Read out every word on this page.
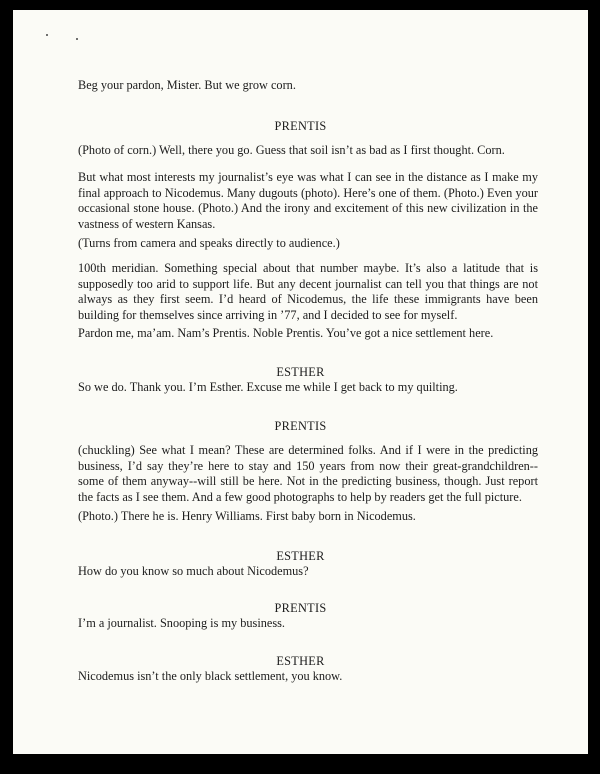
Beg your pardon, Mister. But we grow corn.

PRENTIS

(Photo of corn.) Well, there you go. Guess that soil isn’t as bad as I first thought. Corn.

But what most interests my journalist’s eye was what I can see in the distance as I make my final approach to Nicodemus. Many dugouts (photo). Here’s one of them. (Photo.) Even your occasional stone house. (Photo.) And the irony and excitement of this new civilization in the vastness of western Kansas.

(Turns from camera and speaks directly to audience.)

100th meridian. Something special about that number maybe. It’s also a latitude that is supposedly too arid to support life. But any decent journalist can tell you that things are not always as they first seem. I’d heard of Nicodemus, the life these immigrants have been building for themselves since arriving in ’77, and I decided to see for myself.

Pardon me, ma’am. Nam’s Prentis. Noble Prentis. You’ve got a nice settlement here.

ESTHER

So we do. Thank you. I’m Esther. Excuse me while I get back to my quilting.

PRENTIS

(chuckling) See what I mean? These are determined folks. And if I were in the predicting business, I’d say they’re here to stay and 150 years from now their great-grandchildren--some of them anyway--will still be here. Not in the predicting business, though. Just report the facts as I see them. And a few good photographs to help by readers get the full picture.

(Photo.) There he is. Henry Williams. First baby born in Nicodemus.

ESTHER

How do you know so much about Nicodemus?

PRENTIS

I’m a journalist. Snooping is my business.

ESTHER

Nicodemus isn’t the only black settlement, you know.
